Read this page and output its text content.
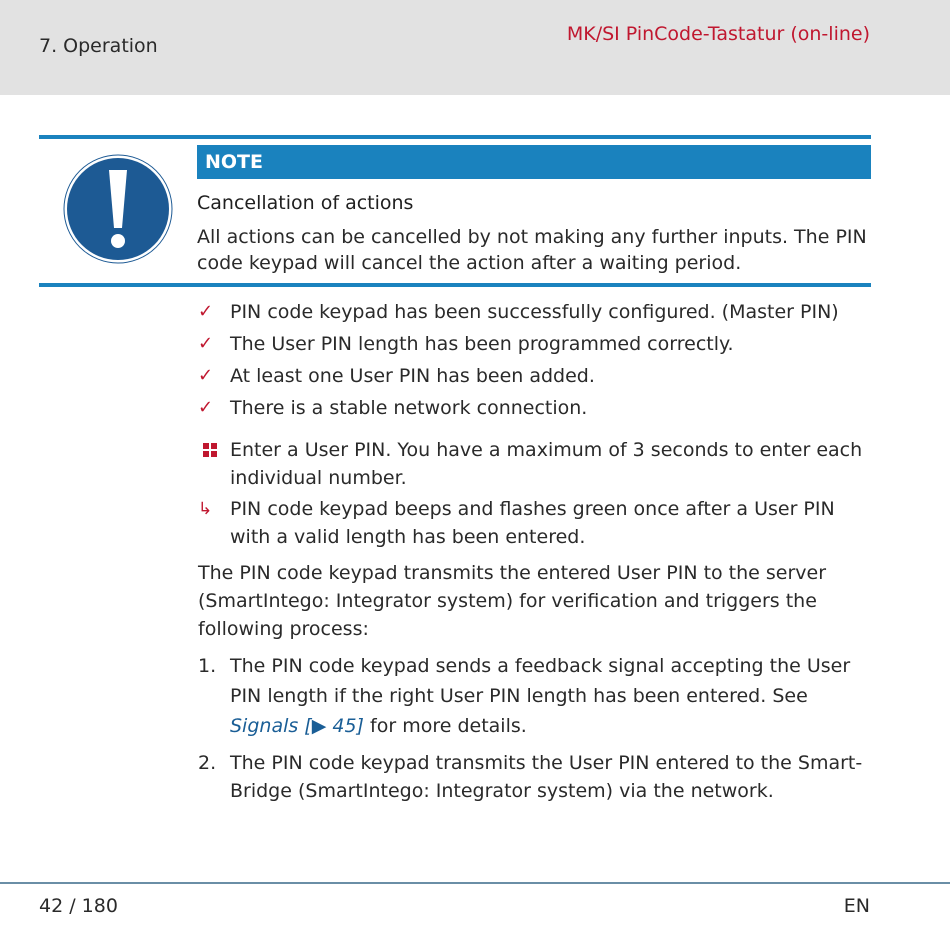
7. Operation
MK/SI PinCode-Tastatur (on-line)
NOTE
Cancellation of actions
All actions can be cancelled by not making any further inputs. The PIN code keypad will cancel the action after a waiting period.
✓ PIN code keypad has been successfully configured. (Master PIN)
✓ The User PIN length has been programmed correctly.
✓ At least one User PIN has been added.
✓ There is a stable network connection.
Enter a User PIN. You have a maximum of 3 seconds to enter each individual number.
↳ PIN code keypad beeps and flashes green once after a User PIN with a valid length has been entered.
The PIN code keypad transmits the entered User PIN to the server (SmartIntego: Integrator system) for verification and triggers the following process:
1. The PIN code keypad sends a feedback signal accepting the User PIN length if the right User PIN length has been entered. See Signals [▶ 45] for more details.
2. The PIN code keypad transmits the User PIN entered to the Smart-Bridge (SmartIntego: Integrator system) via the network.
42 / 180	EN
